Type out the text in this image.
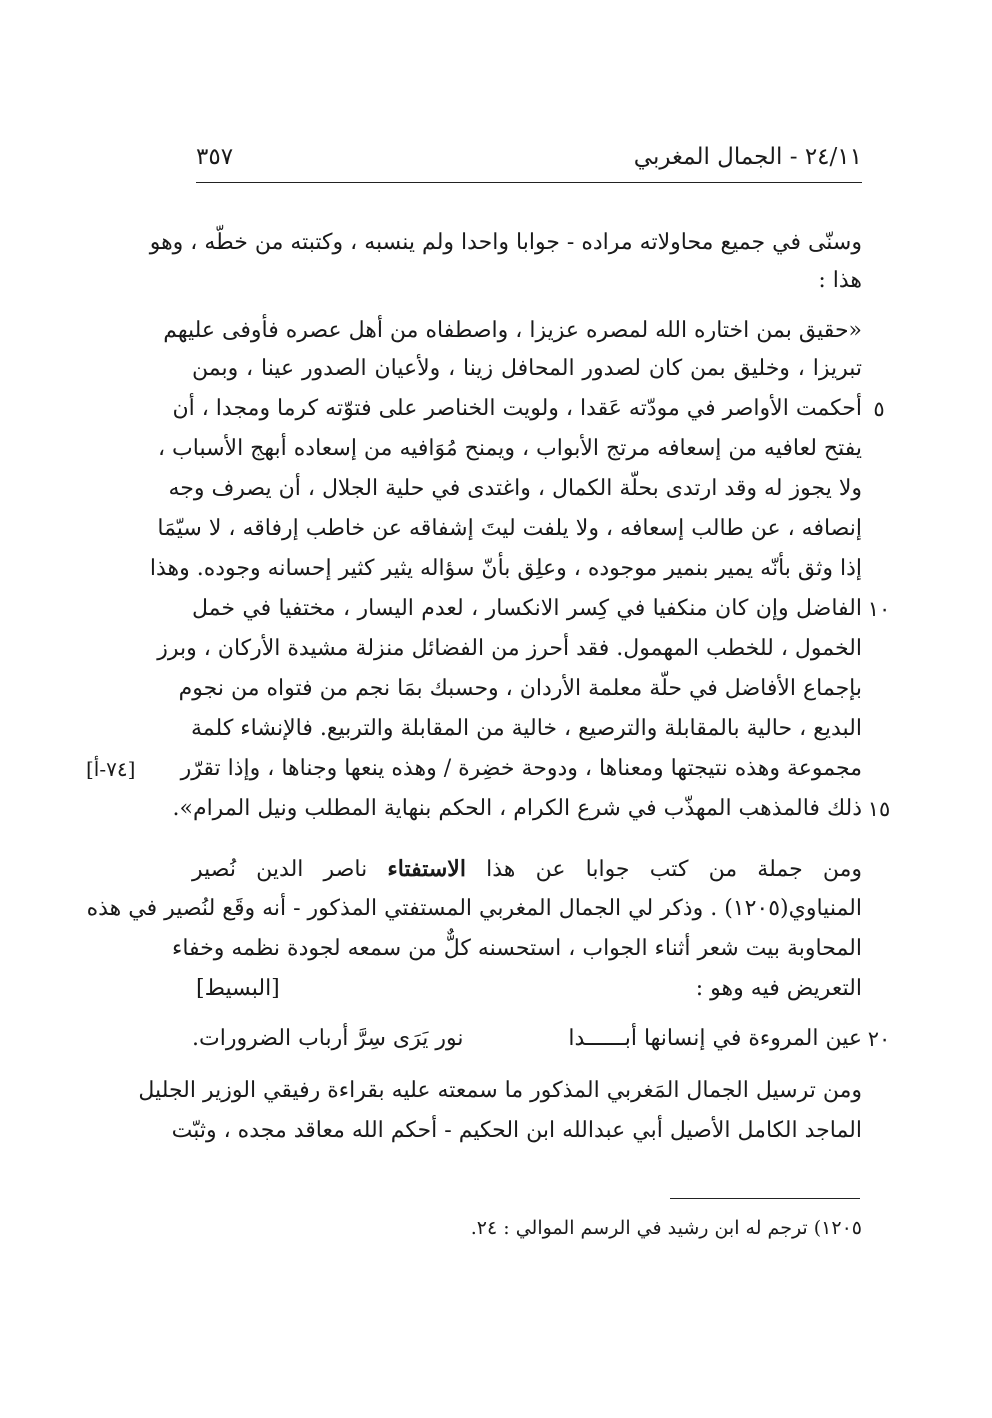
٢٤/١١ - الجمال المغربي
٣٥٧
وسنّى في جميع محاولاته مراده - جوابا واحدا ولم ينسبه ، وكتبته من خطّه ، وهو
هذا :
«حقيق بمن اختاره الله لمصره عزيزا ، واصطفاه من أهل عصره فأوفى عليهم
تبريزا ، وخليق بمن كان لصدور المحافل زينا ، ولأعيان الصدور عينا ، وبمن
أحكمت الأواصر في مودّته عَقدا ، ولويت الخناصر على فتوّته كرما ومجدا ، أن ٥
يفتح لعافيه من إسعافه مرتج الأبواب ، ويمنح مُوَافيه من إسعاده أبهج الأسباب ،
ولا يجوز له وقد ارتدى بحلّة الكمال ، واغتدى في حلية الجلال ، أن يصرف وجه
إنصافه ، عن طالب إسعافه ، ولا يلفت ليتَ إشفاقه عن خاطب إرفاقه ، لا سيّمَا
إذا وثق بأنّه يمير بنمير موجوده ، وعلِق بأنّ سؤاله يثير كثير إحسانه وجوده. وهذا
الفاضل وإن كان منكفيا في كِسر الانكسار ، لعدم اليسار ، مختفيا في خمل ١٠
الخمول ، للخطب المهمول. فقد أحرز من الفضائل منزلة مشيدة الأركان ، وبرز
بإجماع الأفاضل في حلّة معلمة الأردان ، وحسبك بمَا نجم من فتواه من نجوم
البديع ، حالية بالمقابلة والترصيع ، خالية من المقابلة والتربيع. فالإنشاء كلمة
مجموعة وهذه نتيجتها ومعناها ، ودوحة خضِرة / وهذه ينعها وجناها ، وإذا تقرّر
[٧٤-أ]
ذلك فالمذهب المهذّب في شرع الكرام ، الحكم بنهاية المطلب ونيل المرام». ١٥
ومن جملة من كتب جوابا عن هذا الاستفتاء ناصر الدين نُصير
المنياوي(١٢٠٥) . وذكر لي الجمال المغربي المستفتي المذكور - أنه وقَع لنُصير في هذه
المحاوبة بيت شعر أثناء الجواب ، استحسنه كلٌّ من سمعه لجودة نظمه وخفاء
التعريض فيه وهو :
[البسيط]
عين المروءة في إنسانها أبــــــدا
نور يَرَى سِرَّ أرباب الضرورات.	٢٠
ومن ترسيل الجمال المَغربي المذكور ما سمعته عليه بقراءة رفيقي الوزير الجليل
الماجد الكامل الأصيل أبي عبدالله ابن الحكيم - أحكم الله معاقد مجده ، وثبّت
١٢٠٥) ترجم له ابن رشيد في الرسم الموالي : ٢٤.
